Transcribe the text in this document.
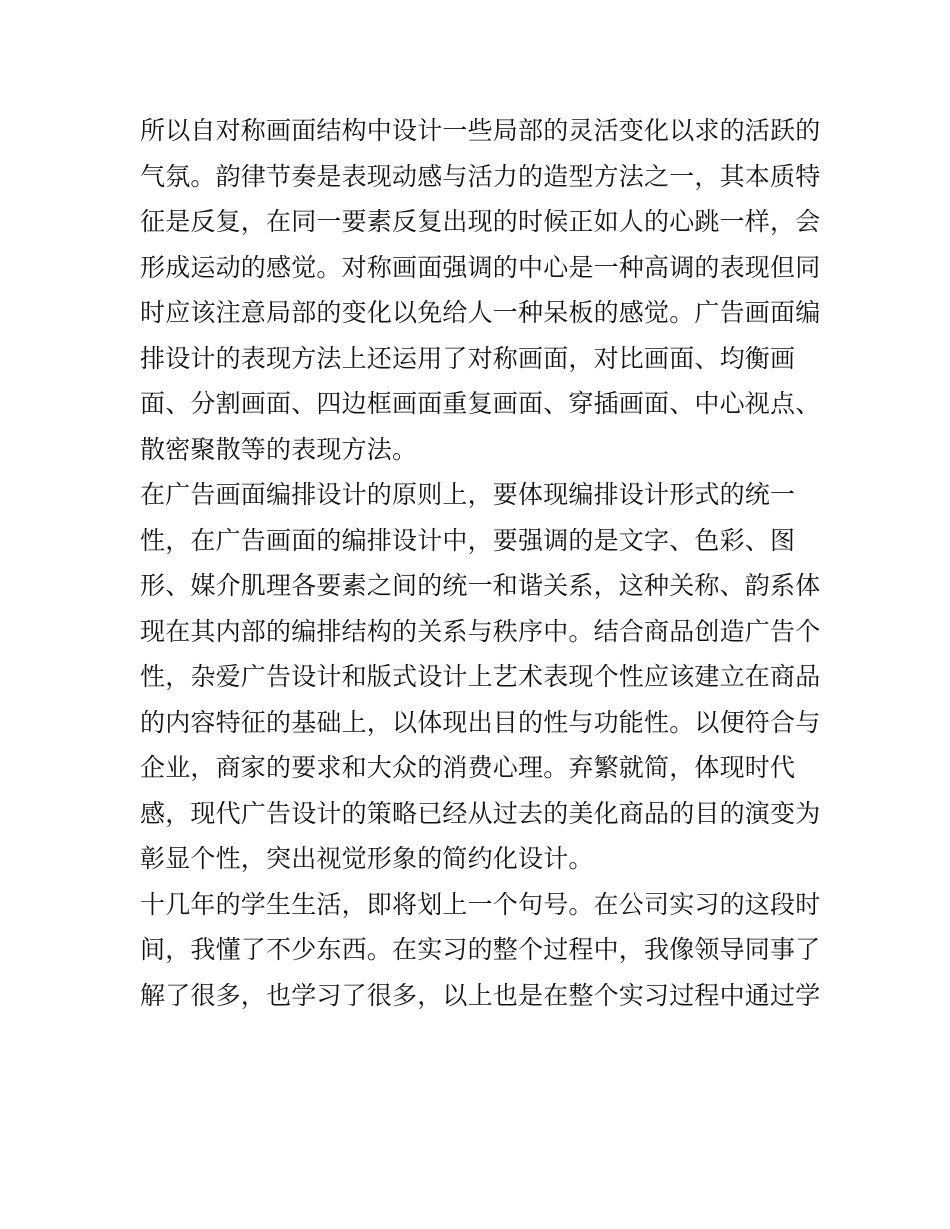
所以自对称画面结构中设计一些局部的灵活变化以求的活跃的
气氛。韵律节奏是表现动感与活力的造型方法之一，其本质特
征是反复，在同一要素反复出现的时候正如人的心跳一样，会
形成运动的感觉。对称画面强调的中心是一种高调的表现但同
时应该注意局部的变化以免给人一种呆板的感觉。广告画面编
排设计的表现方法上还运用了对称画面，对比画面、均衡画
面、分割画面、四边框画面重复画面、穿插画面、中心视点、
散密聚散等的表现方法。
在广告画面编排设计的原则上，要体现编排设计形式的统一
性，在广告画面的编排设计中，要强调的是文字、色彩、图
形、媒介肌理各要素之间的统一和谐关系，这种关称、韵系体
现在其内部的编排结构的关系与秩序中。结合商品创造广告个
性，杂爱广告设计和版式设计上艺术表现个性应该建立在商品
的内容特征的基础上，以体现出目的性与功能性。以便符合与
企业，商家的要求和大众的消费心理。弃繁就简，体现时代
感，现代广告设计的策略已经从过去的美化商品的目的演变为
彰显个性，突出视觉形象的简约化设计。
十几年的学生生活，即将划上一个句号。在公司实习的这段时
间，我懂了不少东西。在实习的整个过程中，我像领导同事了
解了很多，也学习了很多，以上也是在整个实习过程中通过学
